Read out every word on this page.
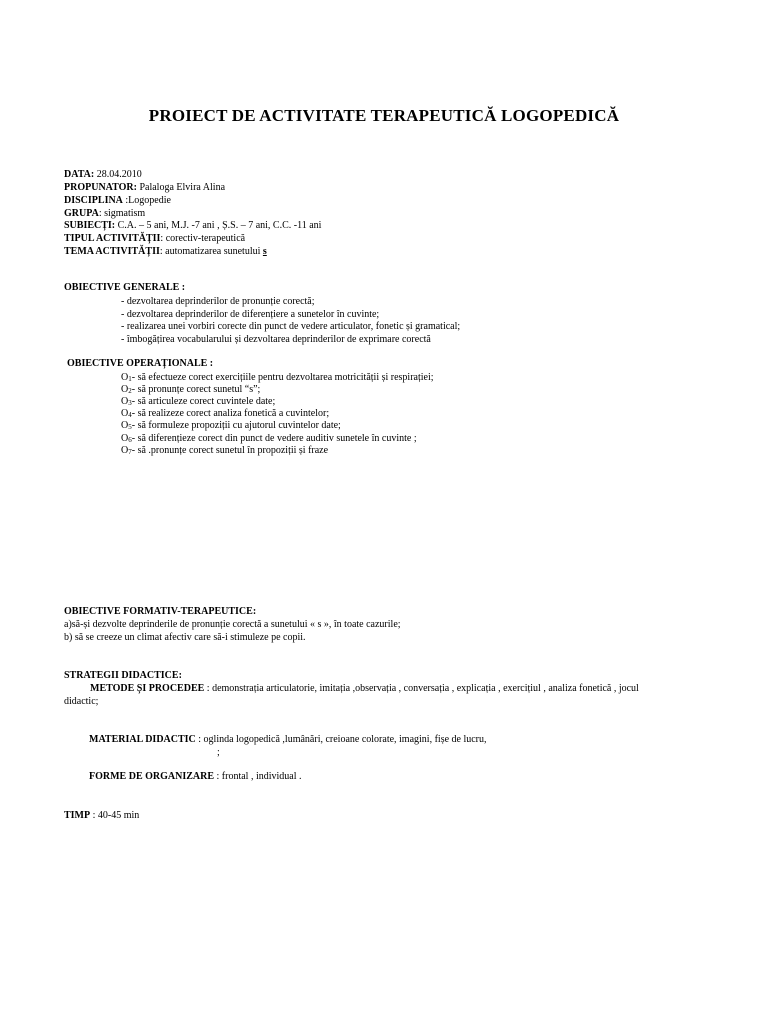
PROIECT DE ACTIVITATE TERAPEUTICĂ LOGOPEDICĂ
DATA: 28.04.2010
PROPUNATOR: Palaloga Elvira Alina
DISCIPLINA :Logopedie
GRUPA: sigmatism
SUBIECȚI: C.A. – 5 ani, M.J. -7 ani , Ș.S. – 7 ani, C.C. -11 ani
TIPUL ACTIVITĂȚII: corectiv-terapeutică
TEMA ACTIVITĂȚII: automatizarea sunetului s
OBIECTIVE GENERALE :
- dezvoltarea deprinderilor de pronunție corectă;
- dezvoltarea deprinderilor de diferențiere a sunetelor în cuvinte;
- realizarea unei vorbiri corecte din punct de vedere articulator, fonetic și gramatical;
- îmbogățirea vocabularului și dezvoltarea deprinderilor de exprimare corectă
OBIECTIVE OPERAȚIONALE :
O1- să efectueze corect exercițiile pentru dezvoltarea motricității și respirației;
O2- să pronunțe corect sunetul “s”;
O3- să articuleze corect cuvintele date;
O4- să realizeze corect analiza fonetică a cuvintelor;
O5- să formuleze propoziții cu ajutorul cuvintelor date;
O6- să diferențieze corect din punct de vedere auditiv sunetele în cuvinte ;
O7- să .pronunțe corect sunetul în propoziții și fraze
OBIECTIVE FORMATIV-TERAPEUTICE:
a)să-și dezvolte deprinderile de pronunție corectă a sunetului « s », în toate cazurile;
b) să se creeze un climat afectiv care să-i stimuleze pe copii.
STRATEGII DIDACTICE:
METODE ȘI PROCEDEE : demonstrația articulatorie, imitația ,observația , conversația , explicația , exercițiul , analiza fonetică , jocul
didactic;
MATERIAL DIDACTIC : oglinda logopedică ,lumânări, creioane colorate, imagini, fișe de lucru,
;
FORME DE ORGANIZARE : frontal , individual .
TIMP : 40-45 min
